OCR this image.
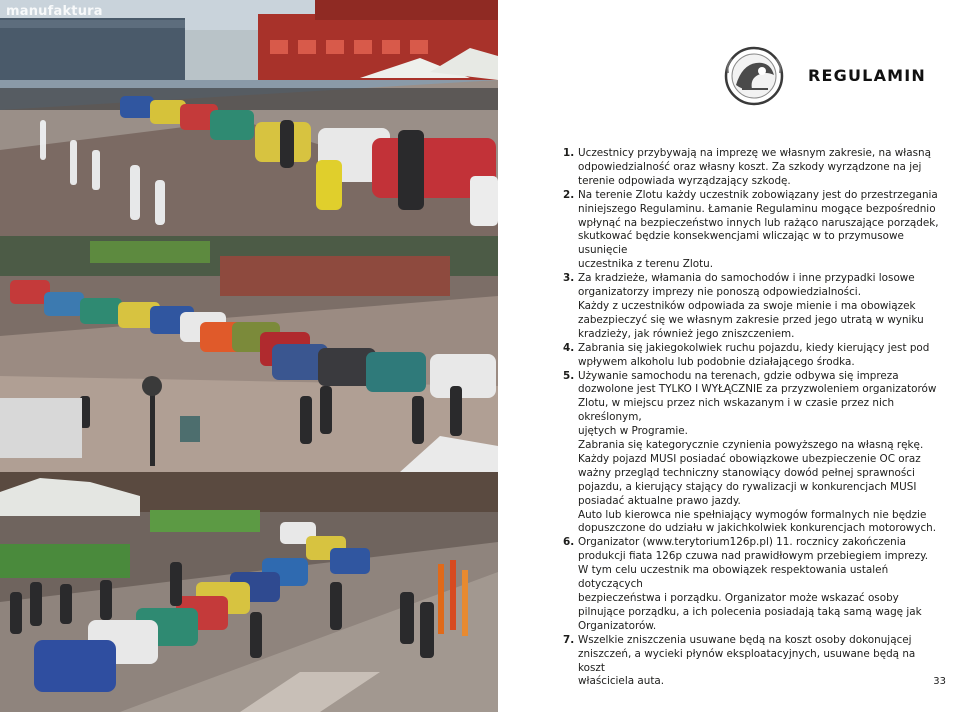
manufaktura
REGULAMIN
1. Uczestnicy przybywają na imprezę we własnym zakresie, na własną
odpowiedzialność oraz własny koszt. Za szkody wyrządzone na jej
terenie odpowiada wyrządzający szkodę.
2. Na terenie Zlotu każdy uczestnik zobowiązany jest do przestrzegania
niniejszego Regulaminu. Łamanie Regulaminu mogące bezpośrednio
wpłynąć na bezpieczeństwo innych lub rażąco naruszające porządek,
skutkować będzie konsekwencjami wliczając w to przymusowe usunięcie
uczestnika z terenu Zlotu.
3. Za kradzieże, włamania do samochodów i inne przypadki losowe
organizatorzy imprezy nie ponoszą odpowiedzialności.
Każdy z uczestników odpowiada za swoje mienie i ma obowiązek
zabezpieczyć się we własnym zakresie przed jego utratą w wyniku
kradzieży, jak również jego zniszczeniem.
4. Zabrania się jakiegokolwiek ruchu pojazdu, kiedy kierujący jest pod
wpływem alkoholu lub podobnie działającego środka.
5. Używanie samochodu na terenach, gdzie odbywa się impreza
dozwolone jest TYLKO I WYŁĄCZNIE za przyzwoleniem organizatorów
Zlotu, w miejscu przez nich wskazanym i w czasie przez nich określonym,
ujętych w Programie.
Zabrania się kategorycznie czynienia powyższego na własną rękę.
Każdy pojazd MUSI posiadać obowiązkowe ubezpieczenie OC oraz
ważny przegląd techniczny stanowiący dowód pełnej sprawności
pojazdu, a kierujący stający do rywalizacji w konkurencjach MUSI
posiadać aktualne prawo jazdy.
Auto lub kierowca nie spełniający wymogów formalnych nie będzie
dopuszczone do udziału w jakichkolwiek konkurencjach motorowych.
6. Organizator (www.terytorium126p.pl) 11. rocznicy zakończenia
produkcji fiata 126p czuwa nad prawidłowym przebiegiem imprezy.
W tym celu uczestnik ma obowiązek respektowania ustaleń dotyczących
bezpieczeństwa i porządku. Organizator może wskazać osoby
pilnujące porządku, a ich polecenia posiadają taką samą wagę jak
Organizatorów.
7. Wszelkie zniszczenia usuwane będą na koszt osoby dokonującej
zniszczeń, a wycieki płynów eksploatacyjnych, usuwane będą na koszt
właściciela auta.	33
